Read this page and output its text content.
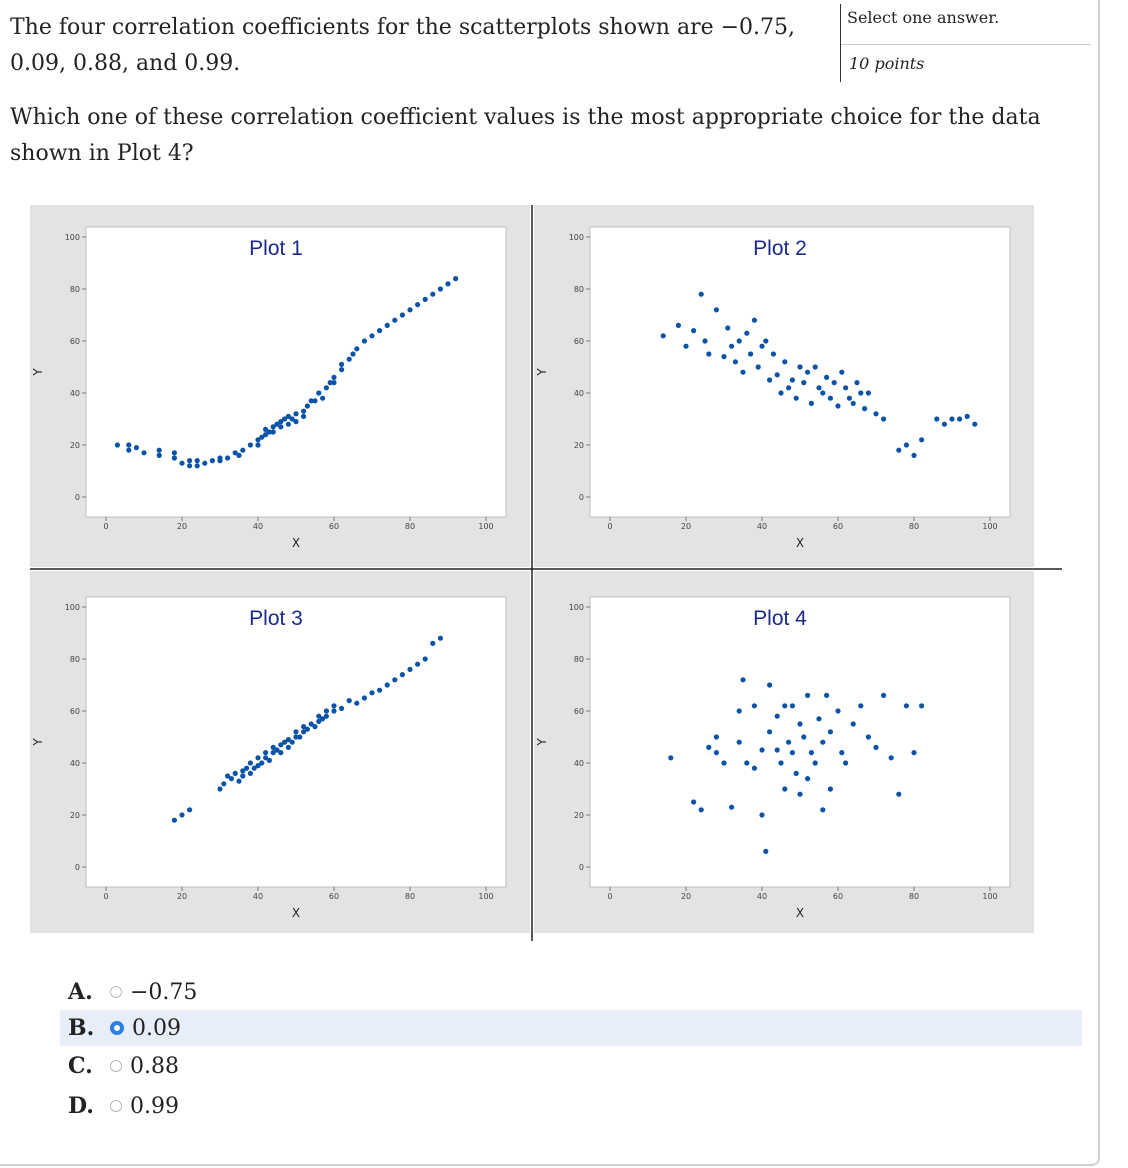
The four correlation coefficients for the scatterplots shown are −0.75, 0.09, 0.88, and 0.99.
Select one answer.
10 points
Which one of these correlation coefficient values is the most appropriate choice for the data shown in Plot 4?
0
20
40
60
80
100
0	20	40	60	80	100
X
Y
Plot 1
0
20
40
60
80
100
0	20	40	60	80	100
X
Y
Plot 2
0
20
40
60
80
100
0	20	40	60	80	100
X
Y
Plot 3
0
20
40
60
80
100
0	20	40	60	80	100
X
Y
Plot 4
A.	−0.75
B.	0.09
C.	0.88
D.	0.99
